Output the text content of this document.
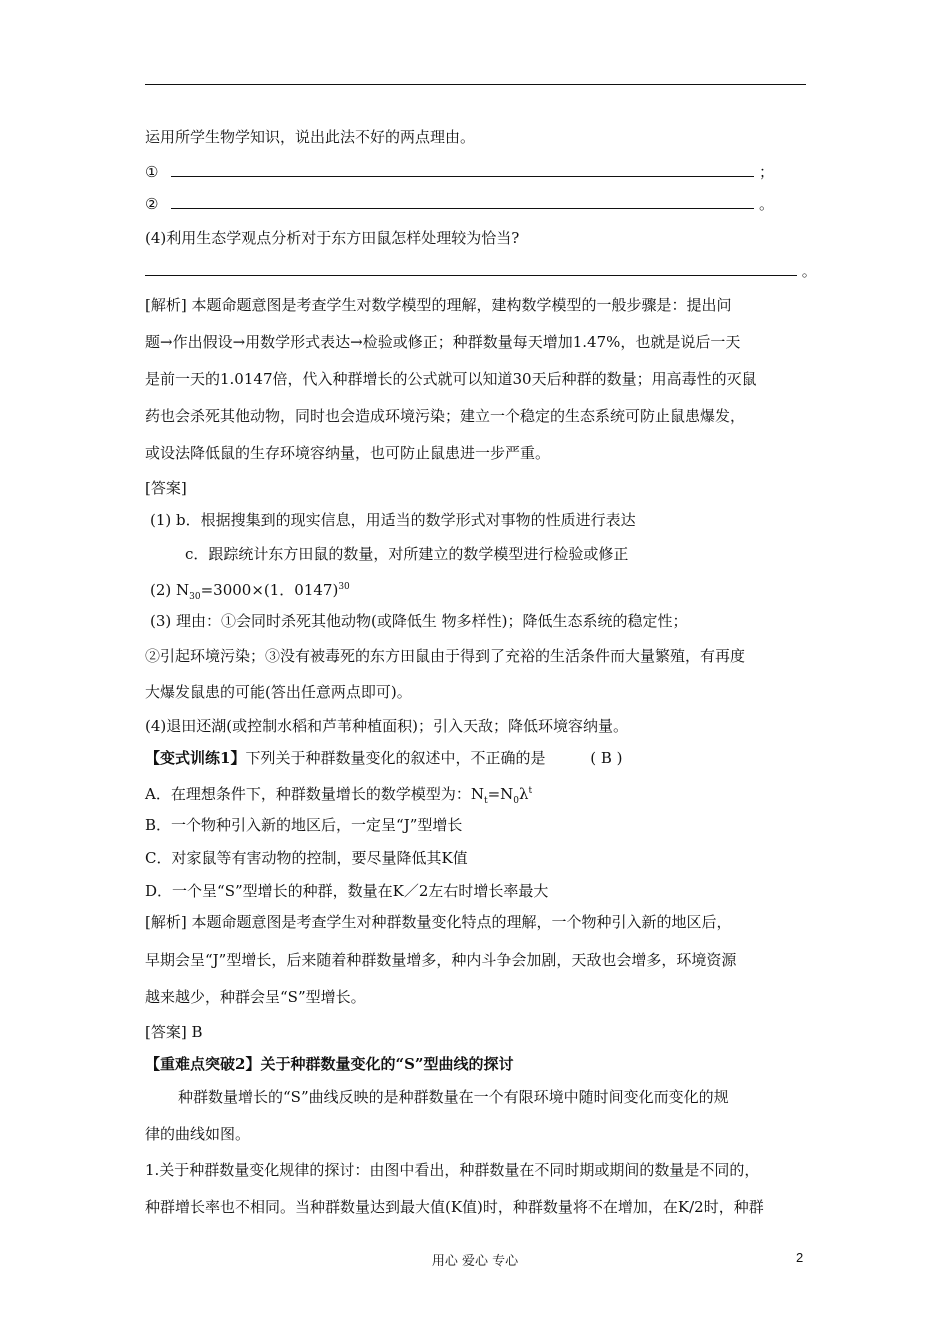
运用所学生物学知识，说出此法不好的两点理由。
①	；
②	。
(4)利用生态学观点分析对于东方田鼠怎样处理较为恰当?
。
[解析] 本题命题意图是考查学生对数学模型的理解，建构数学模型的一般步骤是：提出问
题→作出假设→用数学形式表达→检验或修正；种群数量每天增加1.47%，也就是说后一天
是前一天的1.0147倍，代入种群增长的公式就可以知道30天后种群的数量；用高毒性的灭鼠
药也会杀死其他动物，同时也会造成环境污染；建立一个稳定的生态系统可防止鼠患爆发，
或设法降低鼠的生存环境容纳量，也可防止鼠患进一步严重。
[答案]
(1) b．根据搜集到的现实信息，用适当的数学形式对事物的性质进行表达
c．跟踪统计东方田鼠的数量，对所建立的数学模型进行检验或修正
(2) $N_{30}=3000\times(1$．0147)$^{30}$
(3) 理由：①会同时杀死其他动物(或降低生 物多样性)；降低生态系统的稳定性；
②引起环境污染；③没有被毒死的东方田鼠由于得到了充裕的生活条件而大量繁殖，有再度
大爆发鼠患的可能(答出任意两点即可)。
(4)退田还湖(或控制水稻和芦苇种植面积)；引入天敌；降低环境容纳量。
【变式训练1】下列关于种群数量变化的叙述中，不正确的是	( B )
A．在理想条件下，种群数量增长的数学模型为：$N_t=N_0\lambda^t$
B．一个物种引入新的地区后，一定呈“J”型增长
C．对家鼠等有害动物的控制，要尽量降低其K值
D．一个呈“S”型增长的种群，数量在K／2左右时增长率最大
[解析] 本题命题意图是考查学生对种群数量变化特点的理解，一个物种引入新的地区后，
早期会呈“J”型增长，后来随着种群数量增多，种内斗争会加剧，天敌也会增多，环境资源
越来越少，种群会呈“S”型增长。
[答案] B
【重难点突破2】关于种群数量变化的“S”型曲线的探讨
种群数量增长的“S”曲线反映的是种群数量在一个有限环境中随时间变化而变化的规
律的曲线如图。
1.关于种群数量变化规律的探讨：由图中看出，种群数量在不同时期或期间的数量是不同的，
种群增长率也不相同。当种群数量达到最大值(K值)时，种群数量将不在增加，在K/2时，种群
用心 爱心 专心	2
